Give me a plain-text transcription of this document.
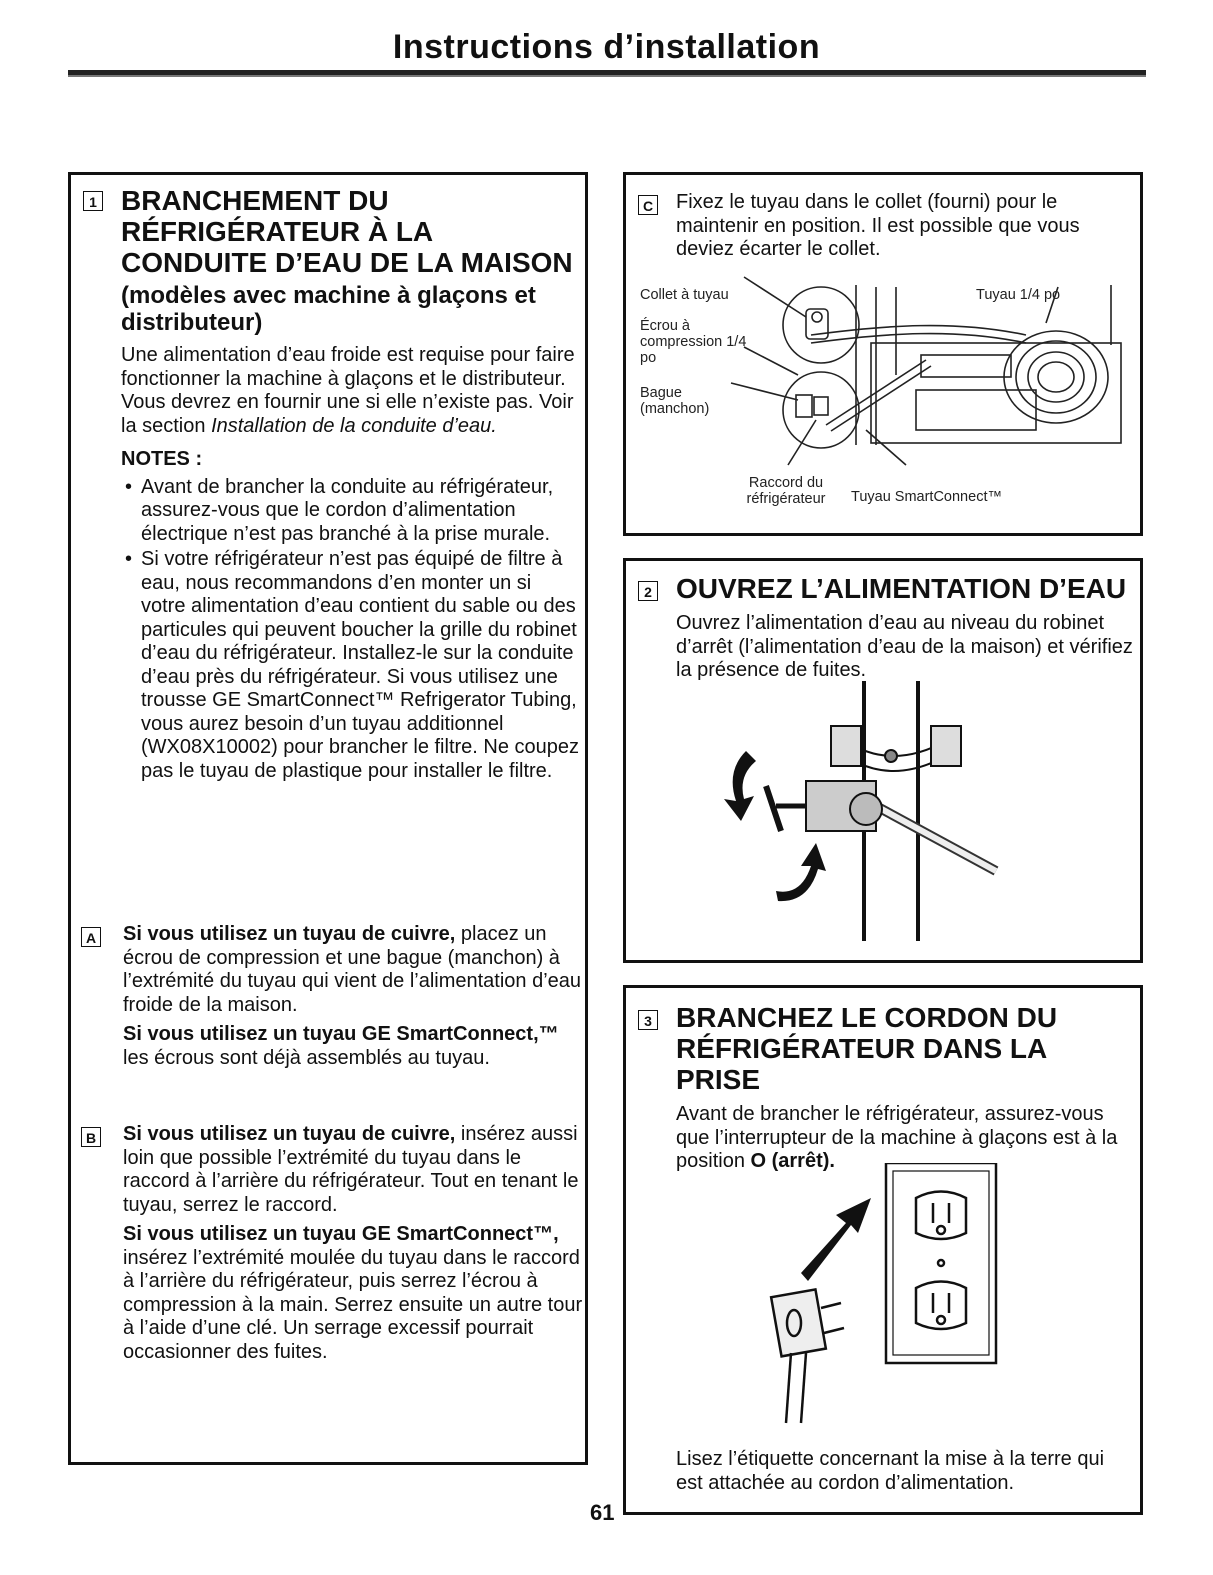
Instructions d’installation
1 BRANCHEMENT DU RÉFRIGÉRATEUR À LA CONDUITE D’EAU DE LA MAISON
(modèles avec machine à glaçons et distributeur)
Une alimentation d’eau froide est requise pour faire fonctionner la machine à glaçons et le distributeur. Vous devrez en fournir une si elle n’existe pas. Voir la section Installation de la conduite d’eau.
NOTES :
• Avant de brancher la conduite au réfrigérateur, assurez-vous que le cordon d’alimentation électrique n’est pas branché à la prise murale.
• Si votre réfrigérateur n’est pas équipé de filtre à eau, nous recommandons d’en monter un si votre alimentation d’eau contient du sable ou des particules qui peuvent boucher la grille du robinet d’eau du réfrigérateur. Installez-le sur la conduite d’eau près du réfrigérateur. Si vous utilisez une trousse GE SmartConnect™ Refrigerator Tubing, vous aurez besoin d’un tuyau additionnel (WX08X10002) pour brancher le filtre. Ne coupez pas le tuyau de plastique pour installer le filtre.
A Si vous utilisez un tuyau de cuivre, placez un écrou de compression et une bague (manchon) à l’extrémité du tuyau qui vient de l’alimentation d’eau froide de la maison.
Si vous utilisez un tuyau GE SmartConnect,™ les écrous sont déjà assemblés au tuyau.
B Si vous utilisez un tuyau de cuivre, insérez aussi loin que possible l’extrémité du tuyau dans le raccord à l’arrière du réfrigérateur. Tout en tenant le tuyau, serrez le raccord.
Si vous utilisez un tuyau GE SmartConnect™, insérez l’extrémité moulée du tuyau dans le raccord à l’arrière du réfrigérateur, puis serrez l’écrou à compression à la main. Serrez ensuite un autre tour à l’aide d’une clé. Un serrage excessif pourrait occasionner des fuites.
C Fixez le tuyau dans le collet (fourni) pour le maintenir en position. Il est possible que vous deviez écarter le collet.
Collet à tuyau
Écrou à compression 1/4 po
Bague (manchon)
Raccord du réfrigérateur
Tuyau 1/4 po
Tuyau SmartConnect™
2 OUVREZ L’ALIMENTATION D’EAU
Ouvrez l’alimentation d’eau au niveau du robinet d’arrêt (l’alimentation d’eau de la maison) et vérifiez la présence de fuites.
3 BRANCHEZ LE CORDON DU RÉFRIGÉRATEUR DANS LA PRISE
Avant de brancher le réfrigérateur, assurez-vous que l’interrupteur de la machine à glaçons est à la position O (arrêt).
Lisez l’étiquette concernant la mise à la terre qui est attachée au cordon d’alimentation.
61
